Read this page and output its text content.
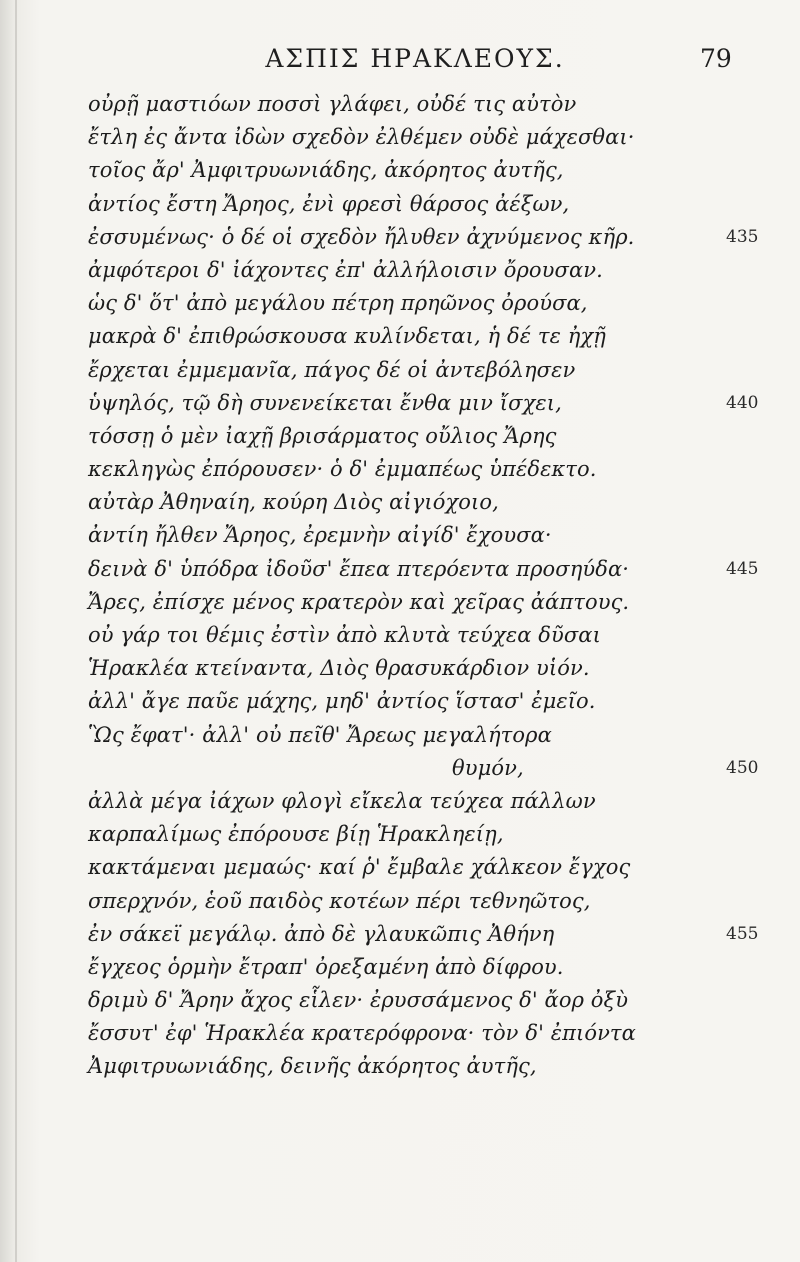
ΑΣΠΙΣ ΗΡΑΚΛΕΟΥΣ.	79
οὐρῇ μαστιόων ποσσὶ γλάφει, οὐδέ τις αὐτὸν
ἔτλη ἐς ἄντα ἰδὼν σχεδὸν ἐλθέμεν οὐδὲ μάχεσθαι·
τοῖος ἄρ' Ἀμφιτρυωνιάδης, ἀκόρητος ἀυτῆς,
ἀντίος ἔστη Ἄρηος, ἐνὶ φρεσὶ θάρσος ἀέξων,
ἐσσυμένως· ὁ δέ οἱ σχεδὸν ἤλυθεν ἀχνύμενος κῆρ.	435
ἀμφότεροι δ' ἰάχοντες ἐπ' ἀλλήλοισιν ὄρουσαν.
ὡς δ' ὅτ' ἀπὸ μεγάλου πέτρη πρηῶνος ὀρούσα,
μακρὰ δ' ἐπιθρώσκουσα κυλίνδεται, ἡ δέ τε ἠχῇ
ἔρχεται ἐμμεμανῖα, πάγος δέ οἱ ἀντεβόλησεν
ὑψηλός, τῷ δὴ συνενείκεται ἔνθα μιν ἴσχει,	440
τόσσῃ ὁ μὲν ἰαχῇ βρισάρματος οὔλιος Ἄρης
κεκληγὼς ἐπόρουσεν· ὁ δ' ἐμμαπέως ὑπέδεκτο.
αὐτὰρ Ἀθηναίη, κούρη Διὸς αἰγιόχοιο,
ἀντίη ἤλθεν Ἄρηος, ἐρεμνὴν αἰγίδ' ἔχουσα·
δεινὰ δ' ὑπόδρα ἰδοῦσ' ἔπεα πτερόεντα προσηύδα·	445
Ἄρες, ἐπίσχε μένος κρατερὸν καὶ χεῖρας ἀάπτους.
οὐ γάρ τοι θέμις ἐστὶν ἀπὸ κλυτὰ τεύχεα δῦσαι
Ἡρακλέα κτείναντα, Διὸς θρασυκάρδιον υἱόν.
ἀλλ' ἄγε παῦε μάχης, μηδ' ἀντίος ἵστασ' ἐμεῖο.
Ὣς ἔφατ'· ἀλλ' οὐ πεῖθ' Ἄρεως μεγαλήτορα
θυμόν,	450
ἀλλὰ μέγα ἰάχων φλογὶ εἴκελα τεύχεα πάλλων
καρπαλίμως ἐπόρουσε βίῃ Ἡρακληείῃ,
κακτάμεναι μεμαώς· καί ῥ' ἔμβαλε χάλκεον ἔγχος
σπερχνόν, ἑοῦ παιδὸς κοτέων πέρι τεθνηῶτος,
ἐν σάκεϊ μεγάλῳ. ἀπὸ δὲ γλαυκῶπις Ἀθήνη	455
ἔγχεος ὁρμὴν ἔτραπ' ὀρεξαμένη ἀπὸ δίφρου.
δριμὺ δ' Ἄρην ἄχος εἷλεν· ἐρυσσάμενος δ' ἄορ ὀξὺ
ἔσσυτ' ἐφ' Ἡρακλέα κρατερόφρονα· τὸν δ' ἐπιόντα
Ἀμφιτρυωνιάδης, δεινῆς ἀκόρητος ἀυτῆς,
